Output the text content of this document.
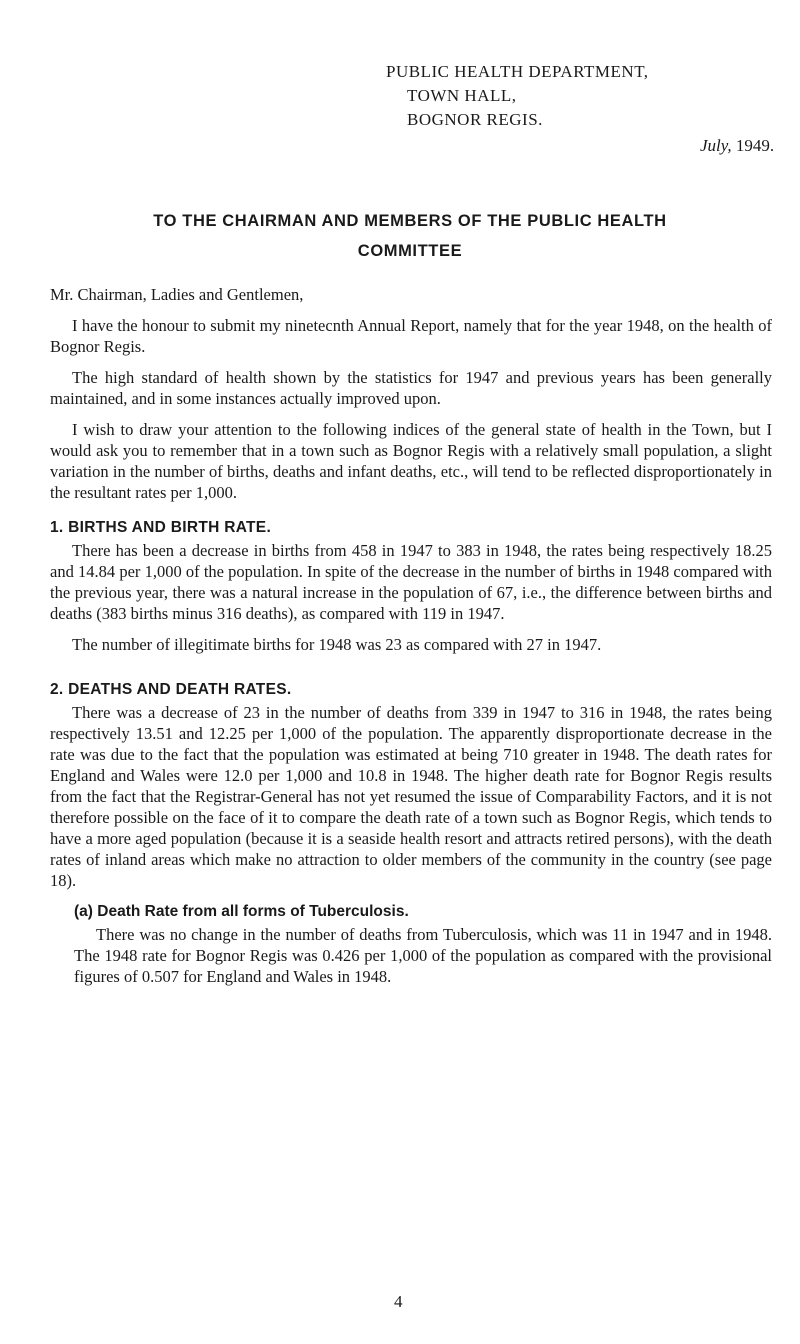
PUBLIC HEALTH DEPARTMENT,
TOWN HALL,
BOGNOR REGIS.
July, 1949.
TO THE CHAIRMAN AND MEMBERS OF THE PUBLIC HEALTH
COMMITTEE

Mr. Chairman, Ladies and Gentlemen,

I have the honour to submit my ninetecnth Annual Report, namely that for the year 1948, on the health of Bognor Regis.

The high standard of health shown by the statistics for 1947 and previous years has been generally maintained, and in some instances actually improved upon.

I wish to draw your attention to the following indices of the general state of health in the Town, but I would ask you to remember that in a town such as Bognor Regis with a relatively small population, a slight variation in the number of births, deaths and infant deaths, etc., will tend to be reflected disproportionately in the resultant rates per 1,000.

1. BIRTHS AND BIRTH RATE.

There has been a decrease in births from 458 in 1947 to 383 in 1948, the rates being respectively 18.25 and 14.84 per 1,000 of the population. In spite of the decrease in the number of births in 1948 compared with the previous year, there was a natural increase in the population of 67, i.e., the difference between births and deaths (383 births minus 316 deaths), as compared with 119 in 1947.

The number of illegitimate births for 1948 was 23 as compared with 27 in 1947.

2. DEATHS AND DEATH RATES.

There was a decrease of 23 in the number of deaths from 339 in 1947 to 316 in 1948, the rates being respectively 13.51 and 12.25 per 1,000 of the population. The apparently disproportionate decrease in the rate was due to the fact that the population was estimated at being 710 greater in 1948. The death rates for England and Wales were 12.0 per 1,000 and 10.8 in 1948. The higher death rate for Bognor Regis results from the fact that the Registrar-General has not yet resumed the issue of Comparability Factors, and it is not therefore possible on the face of it to compare the death rate of a town such as Bognor Regis, which tends to have a more aged population (because it is a seaside health resort and attracts retired persons), with the death rates of inland areas which make no attraction to older members of the community in the country (see page 18).

(a) Death Rate from all forms of Tuberculosis.

There was no change in the number of deaths from Tuberculosis, which was 11 in 1947 and in 1948. The 1948 rate for Bognor Regis was 0.426 per 1,000 of the population as compared with the provisional figures of 0.507 for England and Wales in 1948.

4
